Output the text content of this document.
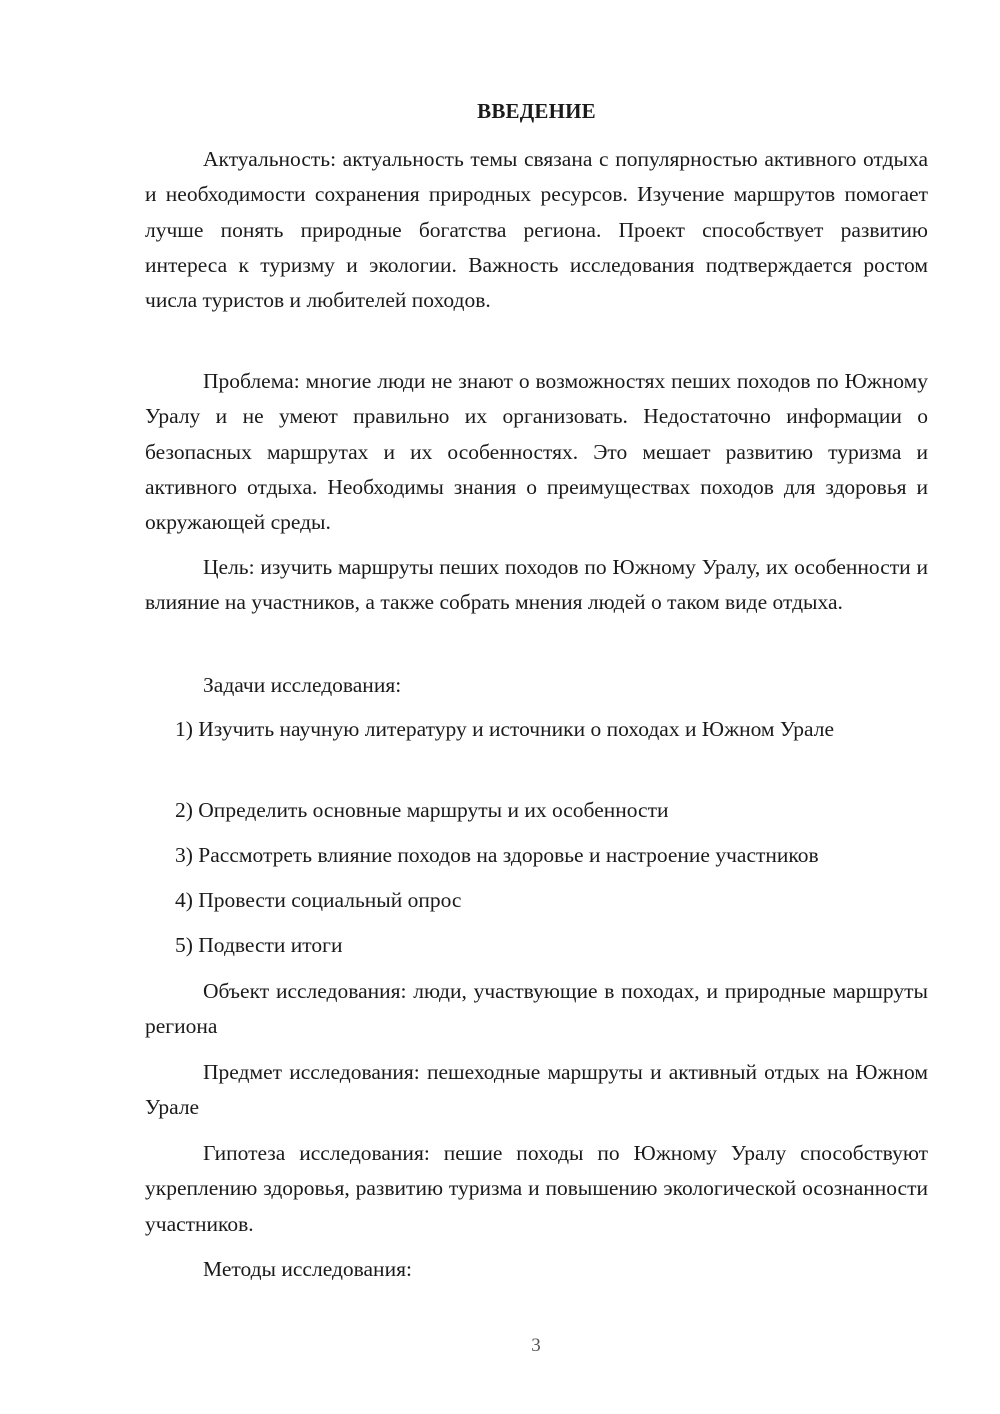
ВВЕДЕНИЕ

Актуальность: актуальность темы связана с популярностью активного отдыха и необходимости сохранения природных ресурсов. Изучение маршрутов помогает лучше понять природные богатства региона. Проект способствует развитию интереса к туризму и экологии. Важность исследования подтверждается ростом числа туристов и любителей походов.

Проблема: многие люди не знают о возможностях пеших походов по Южному Уралу и не умеют правильно их организовать. Недостаточно информации о безопасных маршрутах и их особенностях. Это мешает развитию туризма и активного отдыха. Необходимы знания о преимуществах походов для здоровья и окружающей среды.

Цель: изучить маршруты пеших походов по Южному Уралу, их особенности и влияние на участников, а также собрать мнения людей о таком виде отдыха.

Задачи исследования:

1) Изучить научную литературу и источники о походах и Южном Урале

2) Определить основные маршруты и их особенности

3) Рассмотреть влияние походов на здоровье и настроение участников

4) Провести социальный опрос

5) Подвести итоги

Объект исследования: люди, участвующие в походах, и природные маршруты региона

Предмет исследования: пешеходные маршруты и активный отдых на Южном Урале

Гипотеза исследования: пешие походы по Южному Уралу способствуют укреплению здоровья, развитию туризма и повышению экологической осознанности участников.

Методы исследования:

3
